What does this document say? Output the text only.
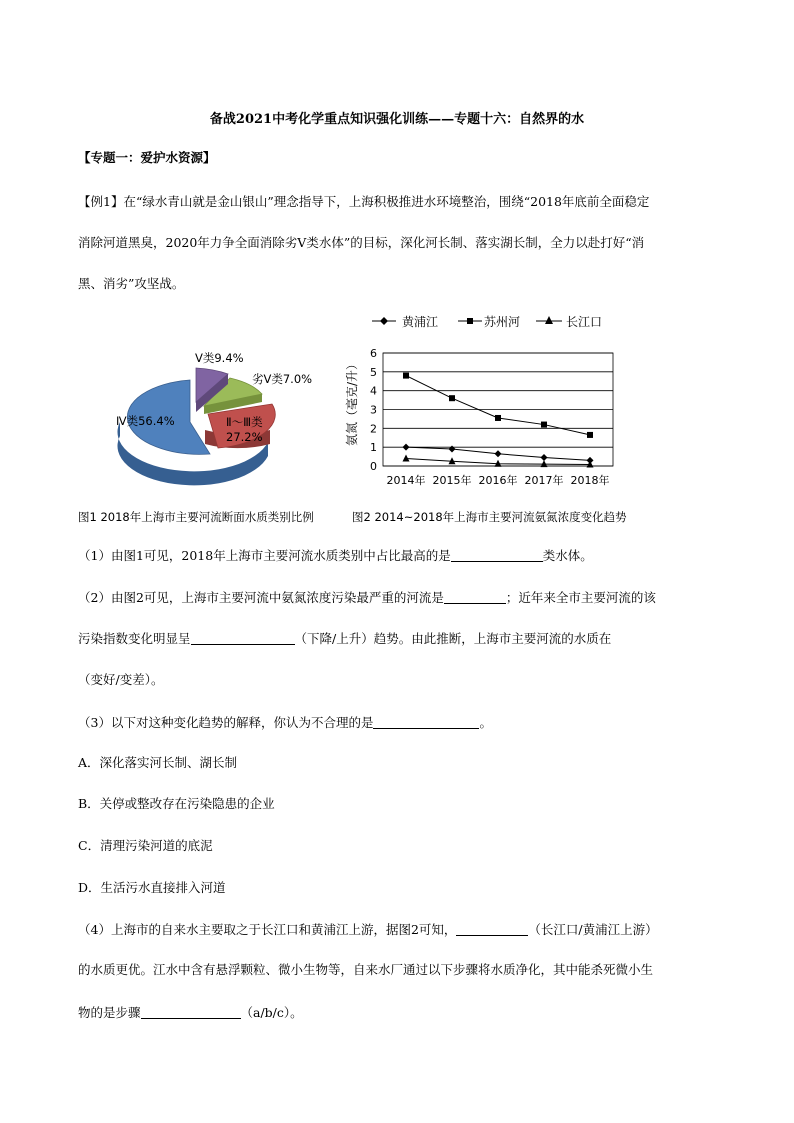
备战2021中考化学重点知识强化训练——专题十六：自然界的水
【专题一：爱护水资源】
【例1】在“绿水青山就是金山银山”理念指导下，上海积极推进水环境整治，围绕“2018年底前全面稳定
消除河道黑臭，2020年力争全面消除劣Ⅴ类水体”的目标，深化河长制、落实湖长制，全力以赴打好“消
黑、消劣”攻坚战。
Ⅴ类9.4%
劣Ⅴ类7.0%
Ⅳ类56.4%	Ⅱ～Ⅲ类
27.2%
黄浦江	苏州河	长江口
氨氮（毫克/升）
0
1
2
3
4
5
6
2014年 2015年 2016年 2017年 2018年
图1 2018年上海市主要河流断面水质类别比例	图2 2014~2018年上海市主要河流氨氮浓度变化趋势
（1）由图1可见，2018年上海市主要河流水质类别中占比最高的是	类水体。
（2）由图2可见，上海市主要河流中氨氮浓度污染最严重的河流是	；近年来全市主要河流的该
污染指数变化明显呈	（下降/上升）趋势。由此推断，上海市主要河流的水质在
（变好/变差）。
（3）以下对这种变化趋势的解释，你认为不合理的是	。
A．深化落实河长制、湖长制
B．关停或整改存在污染隐患的企业
C．清理污染河道的底泥
D．生活污水直接排入河道
（4）上海市的自来水主要取之于长江口和黄浦江上游，据图2可知，	（长江口/黄浦江上游）
的水质更优。江水中含有悬浮颗粒、微小生物等，自来水厂通过以下步骤将水质净化，其中能杀死微小生
物的是步骤	（a/b/c）。
